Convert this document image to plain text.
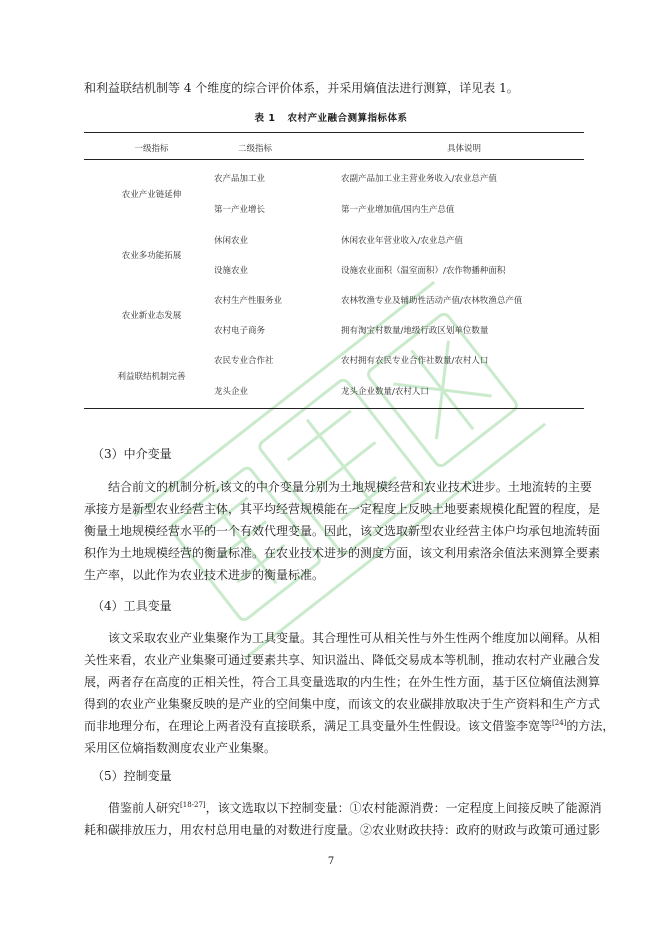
和利益联结机制等 4 个维度的综合评价体系，并采用熵值法进行测算，详见表 1。
表 1 农村产业融合测算指标体系
一级指标	二级指标	具体说明
农业产业链延伸
农产品加工业	农副产品加工业主营业务收入/农业总产值
第一产业增长	第一产业增加值/国内生产总值
农业多功能拓展
休闲农业	休闲农业年营业收入/农业总产值
设施农业	设施农业面积（温室面积）/农作物播种面积
农业新业态发展
农村生产性服务业	农林牧渔专业及辅助性活动产值/农林牧渔总产值
农村电子商务	拥有淘宝村数量/地级行政区划单位数量
利益联结机制完善
农民专业合作社	农村拥有农民专业合作社数量/农村人口
龙头企业	龙头企业数量/农村人口
（3）中介变量
结合前文的机制分析,该文的中介变量分别为土地规模经营和农业技术进步。土地流转的主要
承接方是新型农业经营主体，其平均经营规模能在一定程度上反映土地要素规模化配置的程度，是
衡量土地规模经营水平的一个有效代理变量。因此，该文选取新型农业经营主体户均承包地流转面
积作为土地规模经营的衡量标准。在农业技术进步的测度方面，该文利用索洛余值法来测算全要素
生产率，以此作为农业技术进步的衡量标准。
（4）工具变量
该文采取农业产业集聚作为工具变量。其合理性可从相关性与外生性两个维度加以阐释。从相
关性来看，农业产业集聚可通过要素共享、知识溢出、降低交易成本等机制，推动农村产业融合发
展，两者存在高度的正相关性，符合工具变量选取的内生性；在外生性方面，基于区位熵值法测算
得到的农业产业集聚反映的是产业的空间集中度，而该文的农业碳排放取决于生产资料和生产方式
而非地理分布，在理论上两者没有直接联系，满足工具变量外生性假设。该文借鉴李宽等[24]的方法，
采用区位熵指数测度农业产业集聚。
（5）控制变量
借鉴前人研究[18-27]，该文选取以下控制变量：①农村能源消费：一定程度上间接反映了能源消
耗和碳排放压力，用农村总用电量的对数进行度量。②农业财政扶持：政府的财政与政策可通过影
7
